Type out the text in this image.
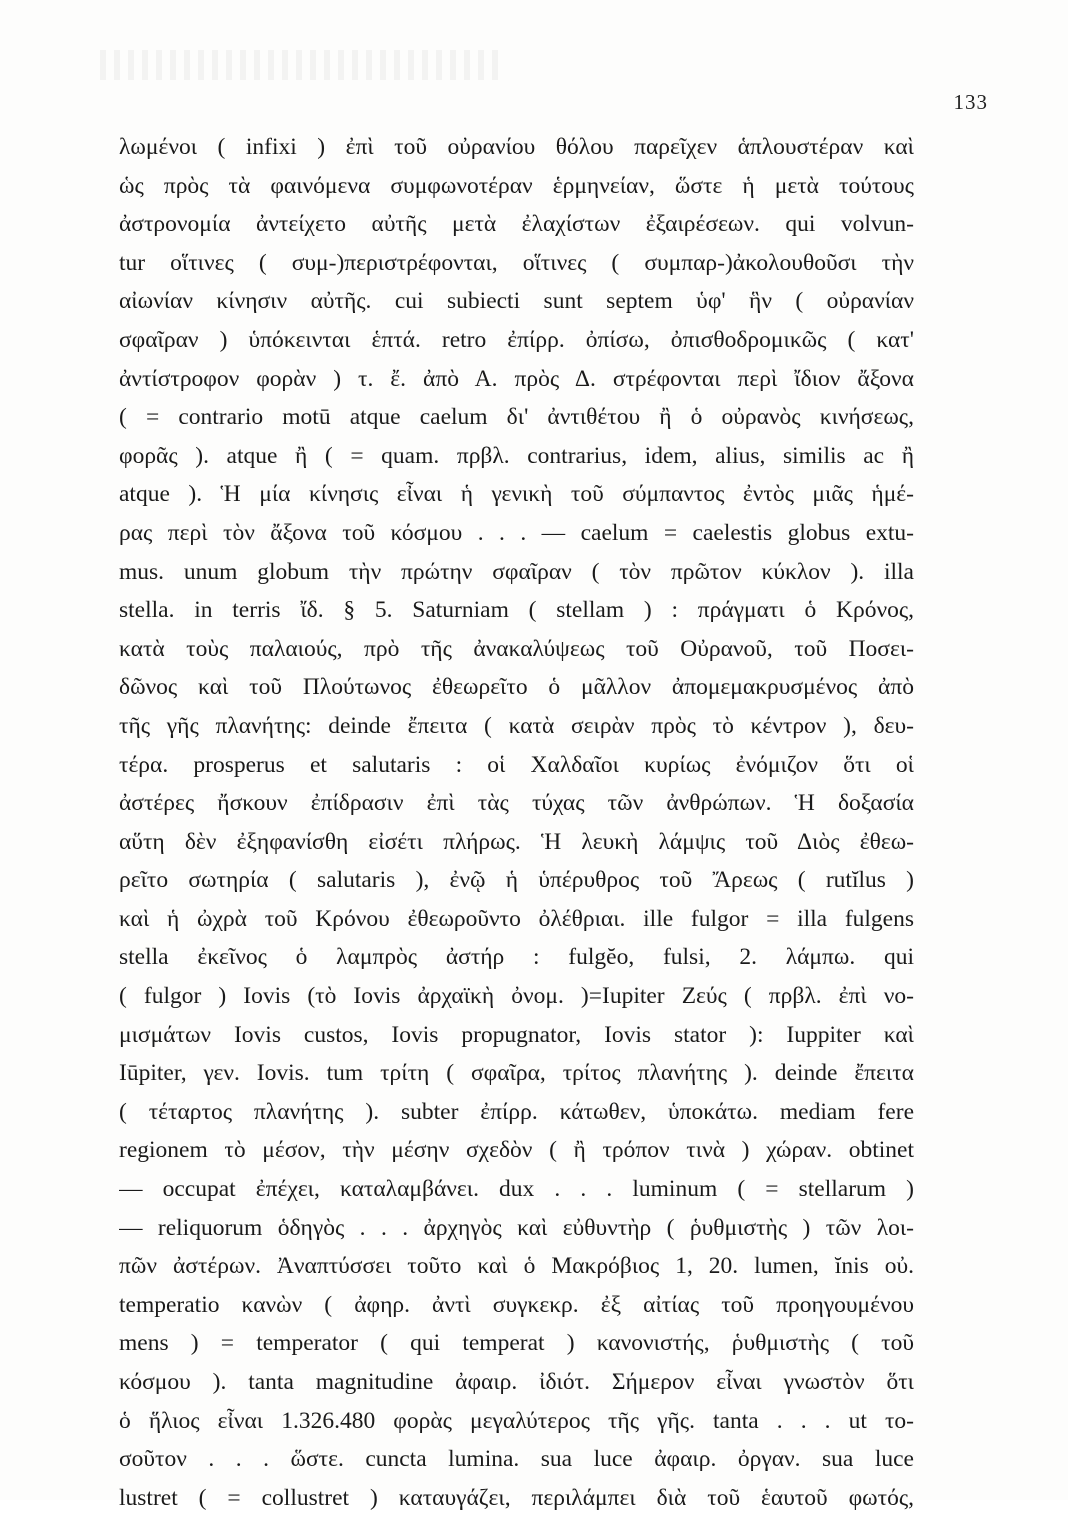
133
λωμένοι ( infixi ) ἐπὶ τοῦ οὐρανίου θόλου παρεῖχεν ἁπλουστέραν καὶ
ὡς πρὸς τὰ φαινόμενα συμφωνοτέραν ἑρμηνείαν, ὥστε ἡ μετὰ τούτους
ἀστρονομία ἀντείχετο αὐτῆς μετὰ ἐλαχίστων ἐξαιρέσεων. qui volvun-
tur οἵτινες ( συμ-)περιστρέφονται, οἵτινες ( συμπαρ-)ἀκολουθοῦσι τὴν
αἰωνίαν κίνησιν αὐτῆς. cui subiecti sunt septem ὑφ' ἣν ( οὐρανίαν
σφαῖραν ) ὑπόκεινται ἑπτά. retro ἐπίρρ. ὀπίσω, ὀπισθοδρομικῶς ( κατ'
ἀντίστροφον φορὰν ) τ. ἔ. ἀπὸ Α. πρὸς Δ. στρέφονται περὶ ἴδιον ἄξονα
( = contrario motū atque caelum δι' ἀντιθέτου ἢ ὁ οὐρανὸς κινήσεως,
φορᾶς ). atque ἢ ( = quam. πρβλ. contrarius, idem, alius, similis ac ἢ
atque ). Ἡ μία κίνησις εἶναι ἡ γενικὴ τοῦ σύμπαντος ἐντὸς μιᾶς ἡμέ-
ρας περὶ τὸν ἄξονα τοῦ κόσμου . . . — caelum = caelestis globus extu-
mus. unum globum τὴν πρώτην σφαῖραν ( τὸν πρῶτον κύκλον ). illa
stella. in terris ἴδ. § 5. Saturniam ( stellam ) : πράγματι ὁ Κρόνος,
κατὰ τοὺς παλαιούς, πρὸ τῆς ἀνακαλύψεως τοῦ Οὐρανοῦ, τοῦ Ποσει-
δῶνος καὶ τοῦ Πλούτωνος ἐθεωρεῖτο ὁ μᾶλλον ἀπομεμακρυσμένος ἀπὸ
τῆς γῆς πλανήτης: deinde ἔπειτα ( κατὰ σειρὰν πρὸς τὸ κέντρον ), δευ-
τέρα. prosperus et salutaris : οἱ Χαλδαῖοι κυρίως ἐνόμιζον ὅτι οἱ
ἀστέρες ἤσκουν ἐπίδρασιν ἐπὶ τὰς τύχας τῶν ἀνθρώπων. Ἡ δοξασία
αὕτη δὲν ἐξηφανίσθη εἰσέτι πλήρως. Ἡ λευκὴ λάμψις τοῦ Διὸς ἐθεω-
ρεῖτο σωτηρία ( salutaris ), ἐνῷ ἡ ὑπέρυθρος τοῦ Ἄρεως ( rutĭlus )
καὶ ἡ ὠχρὰ τοῦ Κρόνου ἐθεωροῦντο ὀλέθριαι. ille fulgor = illa fulgens
stella ἐκεῖνος ὁ λαμπρὸς ἀστήρ : fulgĕo, fulsi, 2. λάμπω. qui
( fulgor ) Iovis (τὸ Iovis ἀρχαϊκὴ ὀνομ. )=Iupiter Ζεύς ( πρβλ. ἐπὶ νο-
μισμάτων Iovis custos, Iovis propugnator, Iovis stator ): Iuppiter καὶ
Iūpiter, γεν. Iovis. tum τρίτη ( σφαῖρα, τρίτος πλανήτης ). deinde ἔπειτα
( τέταρτος πλανήτης ). subter ἐπίρρ. κάτωθεν, ὑποκάτω. mediam fere
regionem τὸ μέσον, τὴν μέσην σχεδὸν ( ἢ τρόπον τινὰ ) χώραν. obtinet
— occupat ἐπέχει, καταλαμβάνει. dux . . . luminum ( = stellarum )
— reliquorum ὁδηγὸς . . . ἀρχηγὸς καὶ εὐθυντὴρ ( ῥυθμιστὴς ) τῶν λοι-
πῶν ἀστέρων. Ἀναπτύσσει τοῦτο καὶ ὁ Μακρόβιος 1, 20. lumen, ĭnis οὐ.
temperatio κανὼν ( ἀφηρ. ἀντὶ συγκεκρ. ἐξ αἰτίας τοῦ προηγουμένου
mens ) = temperator ( qui temperat ) κανονιστής, ῥυθμιστὴς ( τοῦ
κόσμου ). tanta magnitudine ἀφαιρ. ἰδιότ. Σήμερον εἶναι γνωστὸν ὅτι
ὁ ἥλιος εἶναι 1.326.480 φορὰς μεγαλύτερος τῆς γῆς. tanta . . . ut το-
σοῦτον . . . ὥστε. cuncta lumina. sua luce ἀφαιρ. ὀργαν. sua luce
lustret ( = collustret ) καταυγάζει, περιλάμπει διὰ τοῦ ἑαυτοῦ φωτός,
